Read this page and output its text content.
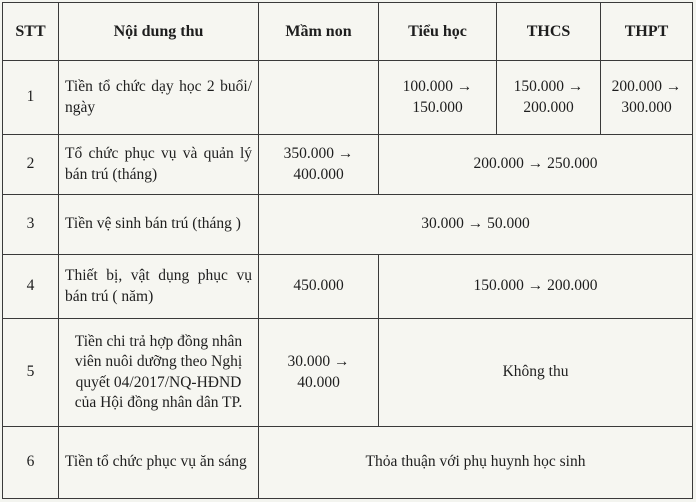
STT	Nội dung thu	Mầm non	Tiểu học	THCS	THPT
1	Tiền tổ chức dạy học 2 buổi/ ngày		100.000 → 150.000	150.000 → 200.000	200.000 → 300.000
2	Tổ chức phục vụ và quản lý bán trú (tháng)	350.000 → 400.000	200.000 → 250.000		
3	Tiền vệ sinh bán trú (tháng )	30.000 → 50.000			
4	Thiết bị, vật dụng phục vụ bán trú ( năm)	450.000	150.000 → 200.000		
5	Tiền chi trả hợp đồng nhân viên nuôi dưỡng theo Nghị quyết 04/2017/NQ-HĐND của Hội đồng nhân dân TP.	30.000 → 40.000	Không thu		
6	Tiền tổ chức phục vụ ăn sáng	Thỏa thuận với phụ huynh học sinh			
